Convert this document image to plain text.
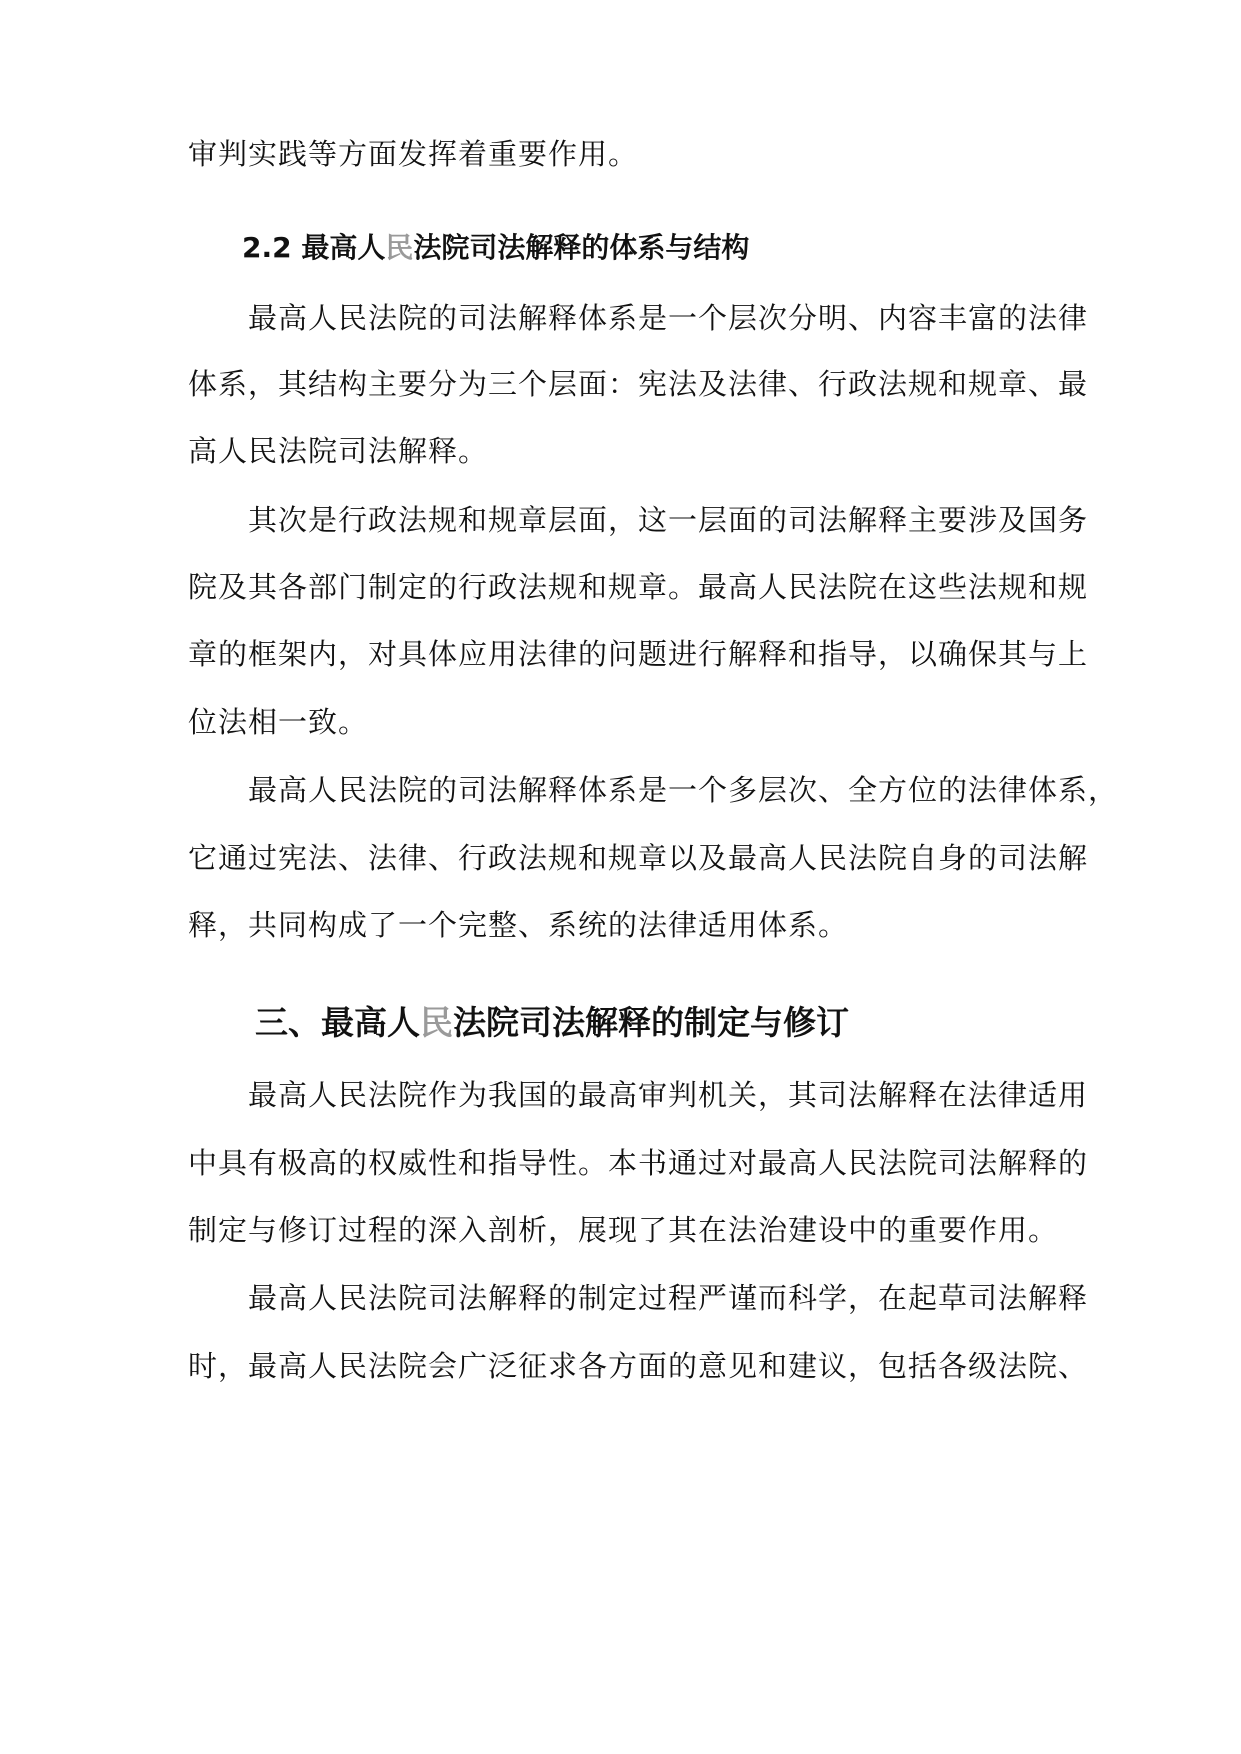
审判实践等方面发挥着重要作用。
2.2 最高人民法院司法解释的体系与结构
最高人民法院的司法解释体系是一个层次分明、内容丰富的法律
体系，其结构主要分为三个层面：宪法及法律、行政法规和规章、最
高人民法院司法解释。
其次是行政法规和规章层面，这一层面的司法解释主要涉及国务
院及其各部门制定的行政法规和规章。最高人民法院在这些法规和规
章的框架内，对具体应用法律的问题进行解释和指导，以确保其与上
位法相一致。
最高人民法院的司法解释体系是一个多层次、全方位的法律体系，
它通过宪法、法律、行政法规和规章以及最高人民法院自身的司法解
释，共同构成了一个完整、系统的法律适用体系。
三、最高人民法院司法解释的制定与修订
最高人民法院作为我国的最高审判机关，其司法解释在法律适用
中具有极高的权威性和指导性。本书通过对最高人民法院司法解释的
制定与修订过程的深入剖析，展现了其在法治建设中的重要作用。
最高人民法院司法解释的制定过程严谨而科学，在起草司法解释
时，最高人民法院会广泛征求各方面的意见和建议，包括各级法院、
